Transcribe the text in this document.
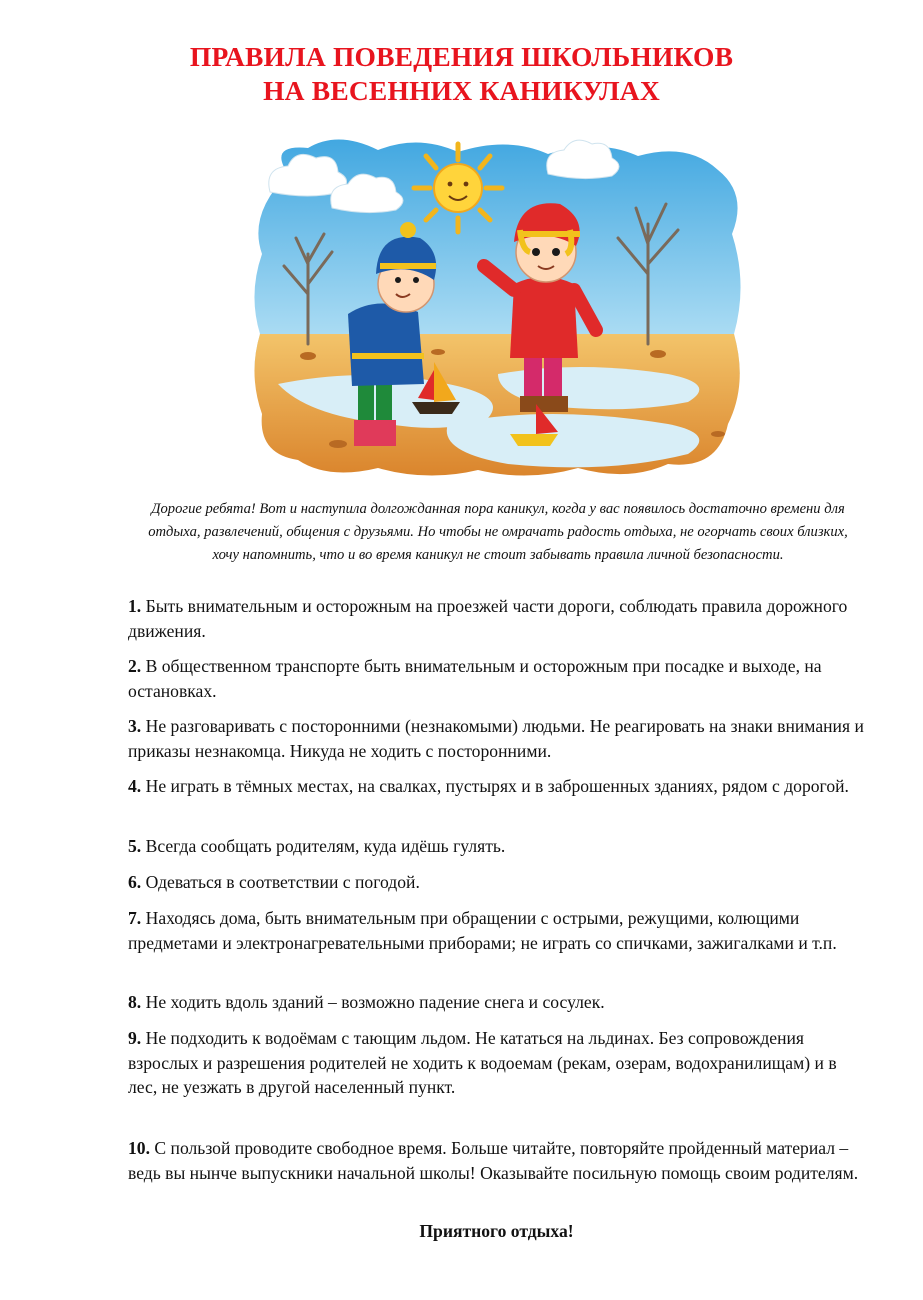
ПРАВИЛА ПОВЕДЕНИЯ ШКОЛЬНИКОВ
НА ВЕСЕННИХ КАНИКУЛАХ
Дорогие ребята! Вот и наступила долгожданная пора каникул, когда у вас появилось достаточно времени для отдыха, развлечений, общения с друзьями. Но чтобы не омрачать радость отдыха, не огорчать своих близких, хочу напомнить, что и во время каникул не стоит забывать правила личной безопасности.
1. Быть внимательным и осторожным на проезжей части дороги, соблюдать правила дорожного движения.
2. В общественном транспорте быть внимательным и осторожным при посадке и выходе, на остановках.
3. Не разговаривать с посторонними (незнакомыми) людьми. Не реагировать на знаки внимания и приказы незнакомца. Никуда не ходить с посторонними.
4. Не играть в тёмных местах, на свалках, пустырях и в заброшенных зданиях, рядом с дорогой.
5. Всегда сообщать родителям, куда идёшь гулять.
6. Одеваться в соответствии с погодой.
7. Находясь дома, быть внимательным при обращении с острыми, режущими, колющими предметами и электронагревательными приборами; не играть со спичками, зажигалками и т.п.
8. Не ходить вдоль зданий – возможно падение снега и сосулек.
9. Не подходить к водоёмам с тающим льдом. Не кататься на льдинах. Без сопровождения взрослых и разрешения родителей не ходить к водоемам (рекам, озерам, водохранилищам) и в лес, не уезжать в другой населенный пункт.
10. С пользой проводите свободное время. Больше читайте, повторяйте пройденный материал – ведь вы нынче выпускники начальной школы! Оказывайте посильную помощь своим родителям.
Приятного отдыха!
